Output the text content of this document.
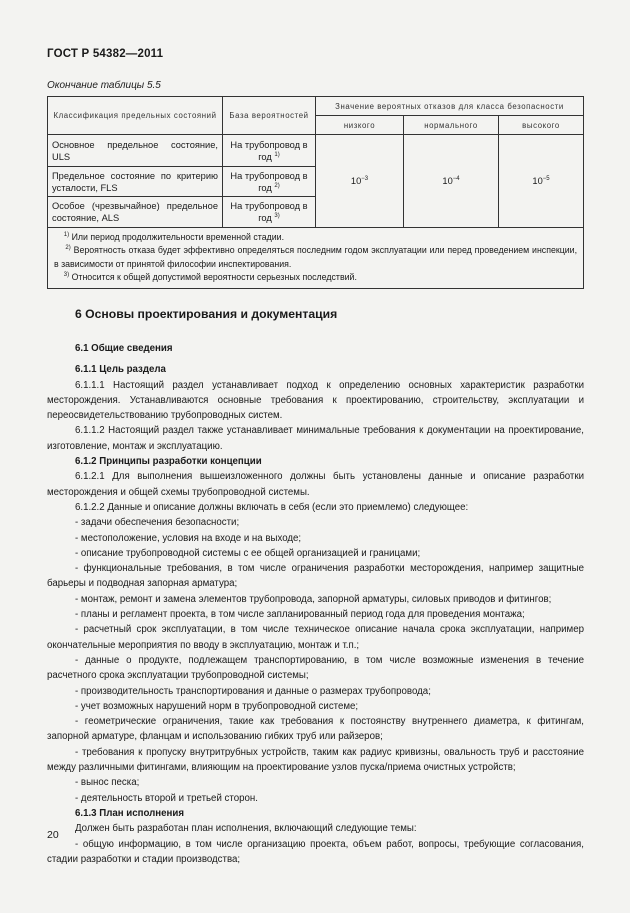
ГОСТ Р 54382—2011
Окончание таблицы 5.5
Классификация предельных состояний	База вероятностей	Значение вероятных отказов для класса безопасности		
		низкого	нормального	высокого
Основное предельное состояние, ULS	На трубопровод в год $^{1)}$	$10^{-3}$	$10^{-4}$	$10^{-5}$
Предельное состояние по критерию усталости, FLS	На трубопровод в год $^{2)}$
Особое (чрезвычайное) предельное состояние, ALS	На трубопровод в год $^{3)}$

$^{1)}$ Или период продолжительности временной стадии.
$^{2)}$ Вероятность отказа будет эффективно определяться последним годом эксплуатации или перед проведением инспекции, в зависимости от принятой философии инспектирования.
$^{3)}$ Относится к общей допустимой вероятности серьезных последствий.				
6 Основы проектирования и документация
6.1 Общие сведения
6.1.1 Цель раздела
6.1.1.1 Настоящий раздел устанавливает подход к определению основных характеристик разработки месторождения. Устанавливаются основные требования к проектированию, строительству, эксплуатации и переосвидетельствованию трубопроводных систем.
6.1.1.2 Настоящий раздел также устанавливает минимальные требования к документации на проектирование, изготовление, монтаж и эксплуатацию.
6.1.2 Принципы разработки концепции
6.1.2.1 Для выполнения вышеизложенного должны быть установлены данные и описание разработки месторождения и общей схемы трубопроводной системы.
6.1.2.2 Данные и описание должны включать в себя (если это приемлемо) следующее:
- задачи обеспечения безопасности;
- местоположение, условия на входе и на выходе;
- описание трубопроводной системы с ее общей организацией и границами;
- функциональные требования, в том числе ограничения разработки месторождения, например защитные барьеры и подводная запорная арматура;
- монтаж, ремонт и замена элементов трубопровода, запорной арматуры, силовых приводов и фитингов;
- планы и регламент проекта, в том числе запланированный период года для проведения монтажа;
- расчетный срок эксплуатации, в том числе техническое описание начала срока эксплуатации, например окончательные мероприятия по вводу в эксплуатацию, монтаж и т.п.;
- данные о продукте, подлежащем транспортированию, в том числе возможные изменения в течение расчетного срока эксплуатации трубопроводной системы;
- производительность транспортирования и данные о размерах трубопровода;
- учет возможных нарушений норм в трубопроводной системе;
- геометрические ограничения, такие как требования к постоянству внутреннего диаметра, к фитингам, запорной арматуре, фланцам и использованию гибких труб или райзеров;
- требования к пропуску внутритрубных устройств, таким как радиус кривизны, овальность труб и расстояние между различными фитингами, влияющим на проектирование узлов пуска/приема очистных устройств;
- вынос песка;
- деятельность второй и третьей сторон.
6.1.3 План исполнения
Должен быть разработан план исполнения, включающий следующие темы:
- общую информацию, в том числе организацию проекта, объем работ, вопросы, требующие согласования, стадии разработки и стадии производства;
20
